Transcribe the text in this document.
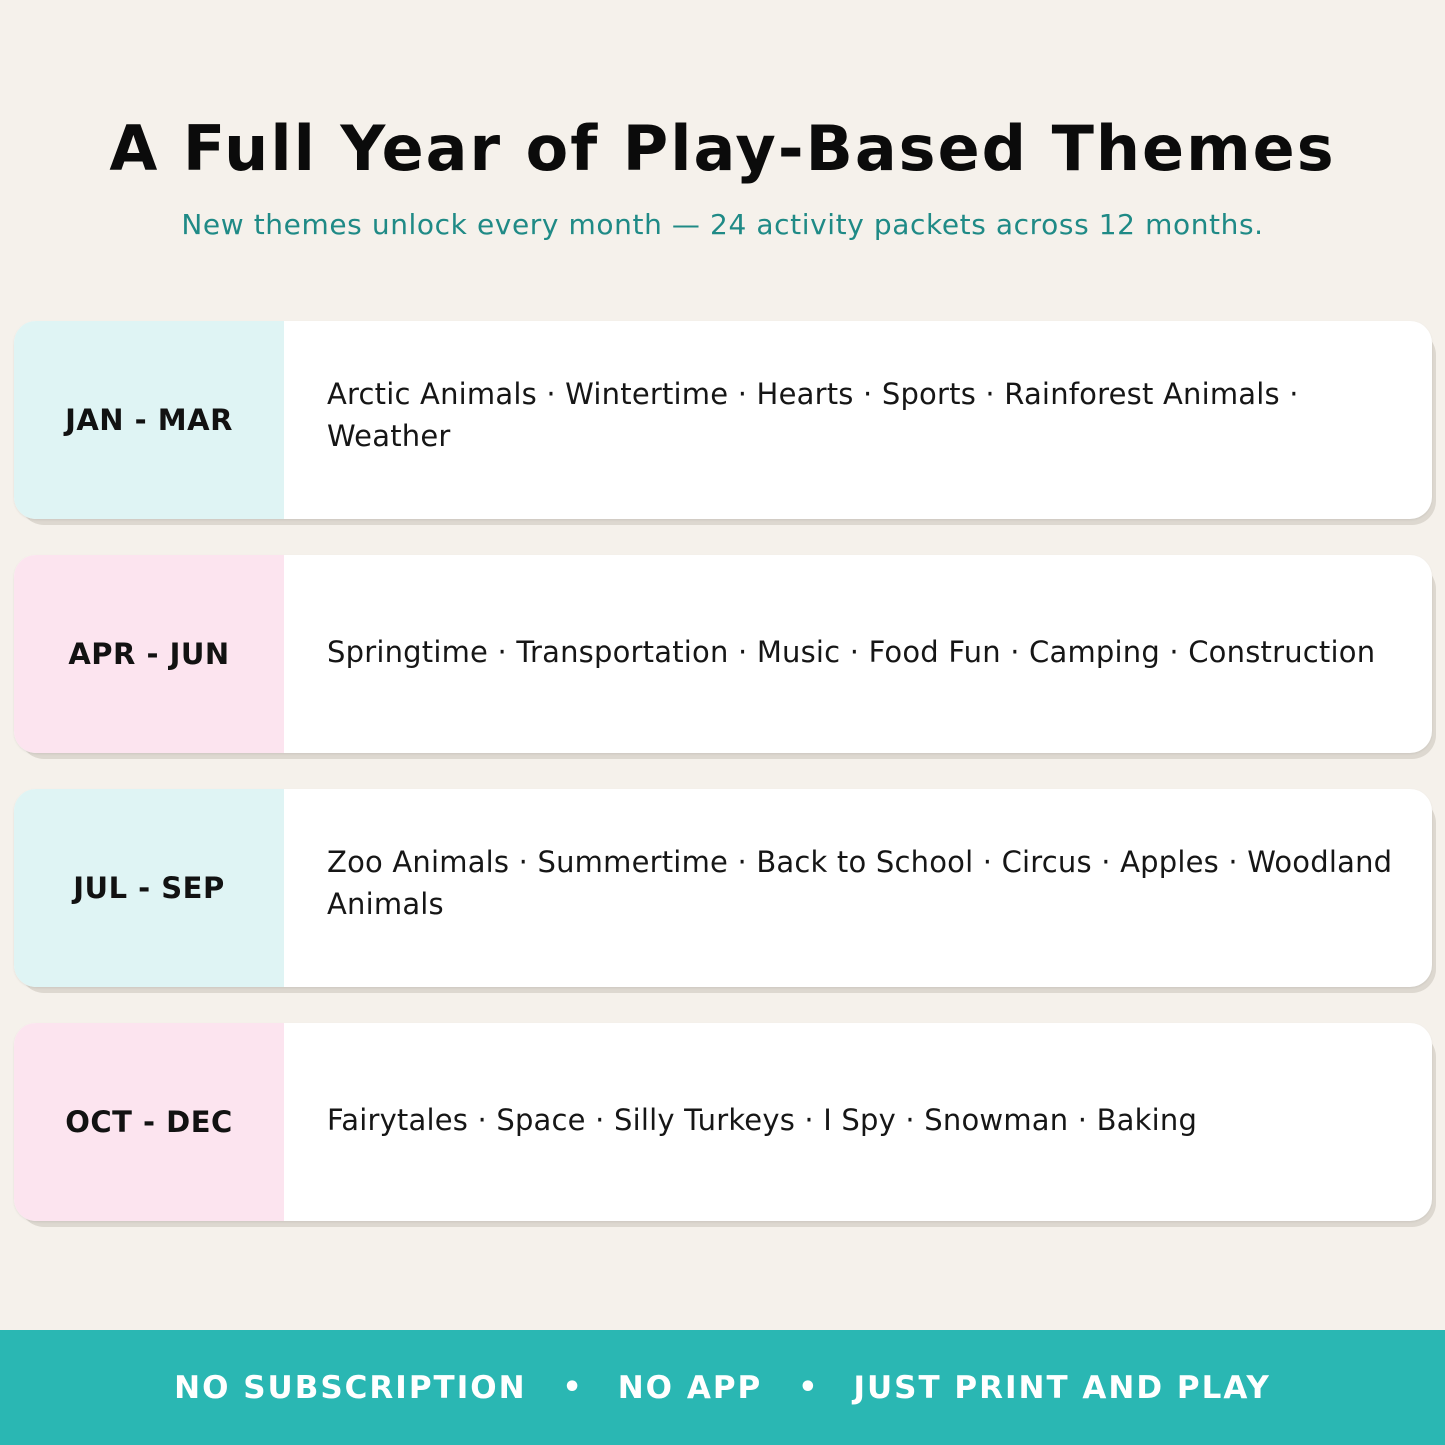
A Full Year of Play-Based Themes

New themes unlock every month — 24 activity packets across 12 months.

JAN - MAR
Arctic Animals · Wintertime · Hearts · Sports · Rainforest Animals · Weather
APR - JUN	Springtime · Transportation · Music · Food Fun · Camping · Construction
JUL - SEP
Zoo Animals · Summertime · Back to School · Circus · Apples · Woodland Animals
OCT - DEC	Fairytales · Space · Silly Turkeys · I Spy · Snowman · Baking
NO SUBSCRIPTION • NO APP • JUST PRINT AND PLAY
